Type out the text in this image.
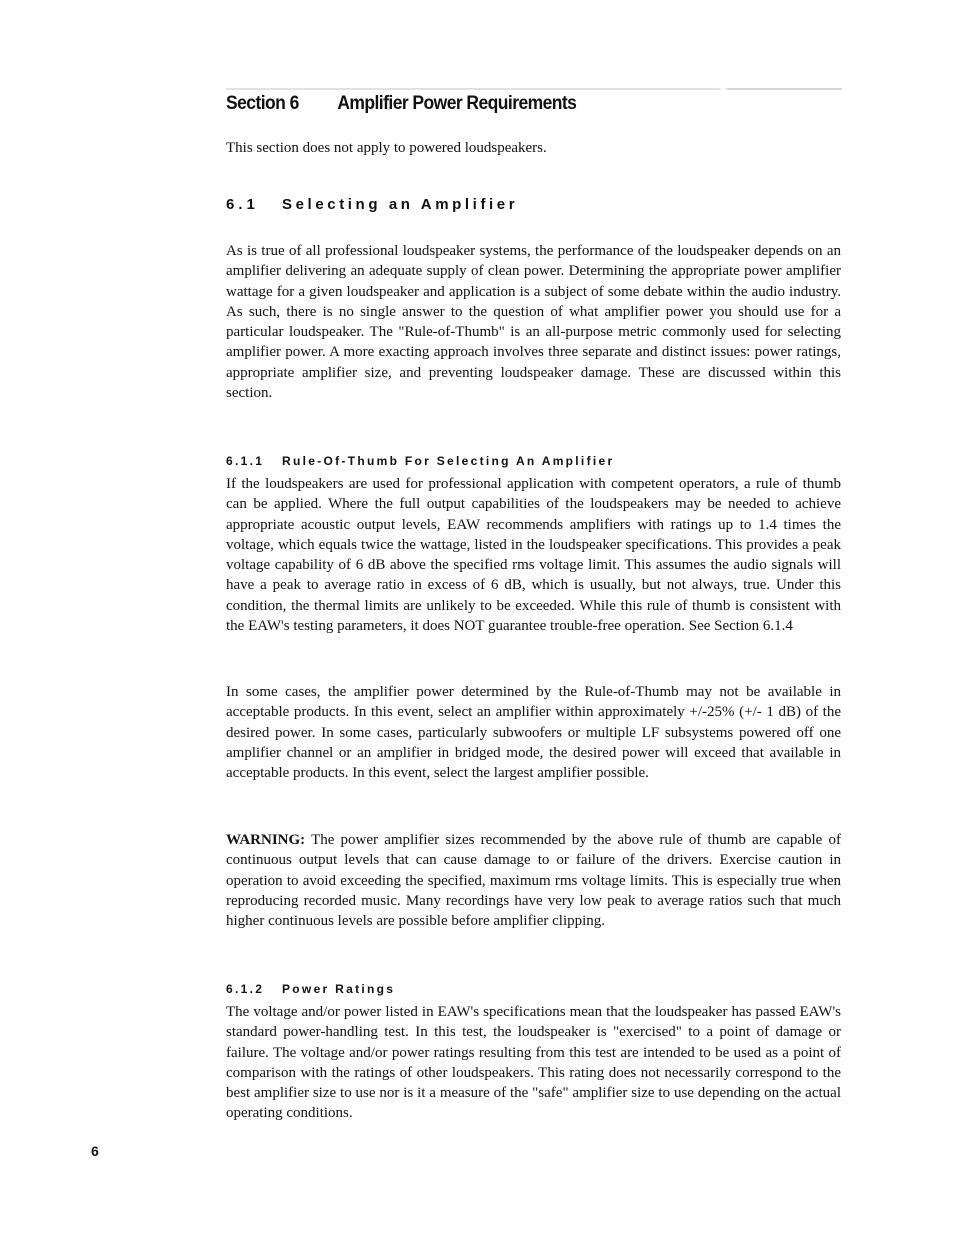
Section 6 Amplifier Power Requirements

This section does not apply to powered loudspeakers.

6.1 Selecting an Amplifier

As is true of all professional loudspeaker systems, the performance of the loudspeaker depends on an amplifier delivering an adequate supply of clean power. Determining the appropriate power amplifier wattage for a given loudspeaker and application is a subject of some debate within the audio industry. As such, there is no single answer to the question of what amplifier power you should use for a particular loudspeaker. The "Rule-of-Thumb" is an all-purpose metric commonly used for selecting amplifier power. A more exacting approach involves three separate and distinct issues: power ratings, appropriate amplifier size, and preventing loudspeaker damage. These are discussed within this section.

6.1.1 Rule-Of-Thumb For Selecting An Amplifier

If the loudspeakers are used for professional application with competent operators, a rule of thumb can be applied. Where the full output capabilities of the loudspeakers may be needed to achieve appropriate acoustic output levels, EAW recommends amplifiers with ratings up to 1.4 times the voltage, which equals twice the wattage, listed in the loudspeaker specifications. This provides a peak voltage capability of 6 dB above the specified rms voltage limit. This assumes the audio signals will have a peak to average ratio in excess of 6 dB, which is usually, but not always, true. Under this condition, the thermal limits are unlikely to be exceeded. While this rule of thumb is consistent with the EAW's testing parameters, it does NOT guarantee trouble-free operation. See Section 6.1.4

In some cases, the amplifier power determined by the Rule-of-Thumb may not be available in acceptable products. In this event, select an amplifier within approximately +/-25% (+/- 1 dB) of the desired power. In some cases, particularly subwoofers or multiple LF subsystems powered off one amplifier channel or an amplifier in bridged mode, the desired power will exceed that available in acceptable products. In this event, select the largest amplifier possible.

WARNING: The power amplifier sizes recommended by the above rule of thumb are capable of continuous output levels that can cause damage to or failure of the drivers. Exercise caution in operation to avoid exceeding the specified, maximum rms voltage limits. This is especially true when reproducing recorded music. Many recordings have very low peak to average ratios such that much higher continuous levels are possible before amplifier clipping.

6.1.2 Power Ratings

The voltage and/or power listed in EAW's specifications mean that the loudspeaker has passed EAW's standard power-handling test. In this test, the loudspeaker is "exercised" to a point of damage or failure. The voltage and/or power ratings resulting from this test are intended to be used as a point of comparison with the ratings of other loudspeakers. This rating does not necessarily correspond to the best amplifier size to use nor is it a measure of the "safe" amplifier size to use depending on the actual operating conditions.

6
